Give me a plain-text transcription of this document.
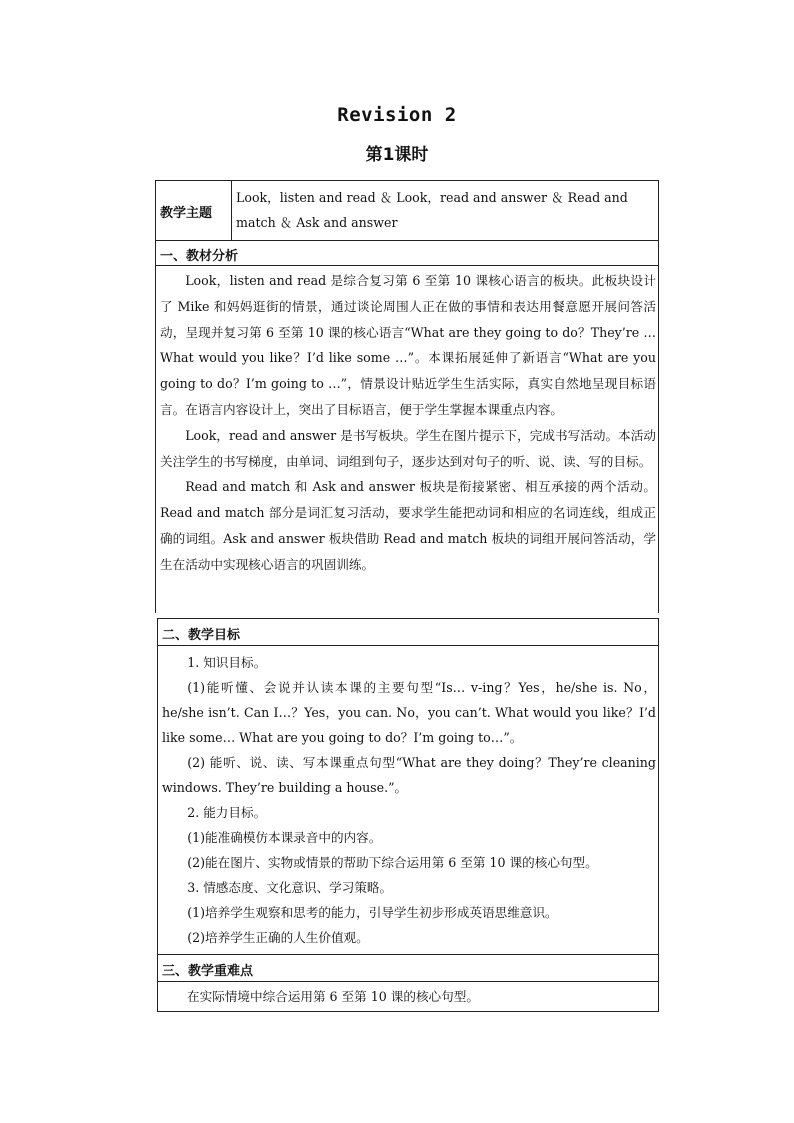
Revision 2
第1课时
教学主题
Look，listen and read ＆ Look，read and answer ＆ Read and match ＆ Ask and answer
一、教材分析

Look，listen and read 是综合复习第 6 至第 10 课核心语言的板块。此板块设计了 Mike 和妈妈逛街的情景，通过谈论周围人正在做的事情和表达用餐意愿开展问答活动，呈现并复习第 6 至第 10 课的核心语言“What are they going to do？They’re …What would you like？I’d like some …”。本课拓展延伸了新语言“What are you going to do？I’m going to …”，情景设计贴近学生生活实际，真实自然地呈现目标语言。在语言内容设计上，突出了目标语言，便于学生掌握本课重点内容。

Look，read and answer 是书写板块。学生在图片提示下，完成书写活动。本活动关注学生的书写梯度，由单词、词组到句子，逐步达到对句子的听、说、读、写的目标。

Read and match 和 Ask and answer 板块是衔接紧密、相互承接的两个活动。Read and match 部分是词汇复习活动，要求学生能把动词和相应的名词连线，组成正确的词组。Ask and answer 板块借助 Read and match 板块的词组开展问答活动，学生在活动中实现核心语言的巩固训练。

二、教学目标

1. 知识目标。

(1)能听懂、会说并认读本课的主要句型“Is… v-ing？Yes，he/she is. No，he/she isn’t. Can I…？Yes，you can. No，you can’t. What would you like？I’d like some… What are you going to do？I’m going to…”。

(2) 能听、说、读、写本课重点句型“What are they doing？They’re cleaning windows. They’re building a house.”。

2. 能力目标。

(1)能准确模仿本课录音中的内容。

(2)能在图片、实物或情景的帮助下综合运用第 6 至第 10 课的核心句型。

3. 情感态度、文化意识、学习策略。

(1)培养学生观察和思考的能力，引导学生初步形成英语思维意识。

(2)培养学生正确的人生价值观。

三、教学重难点
在实际情境中综合运用第 6 至第 10 课的核心句型。
